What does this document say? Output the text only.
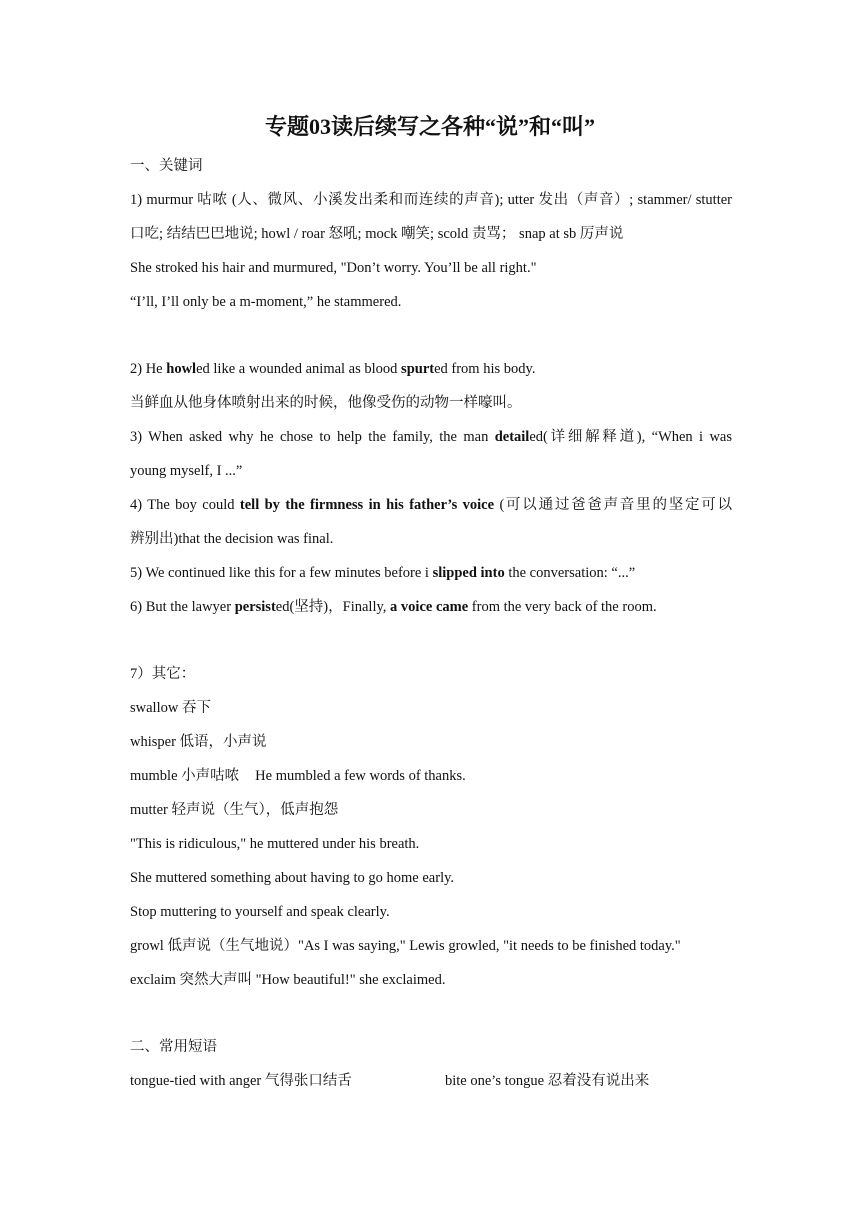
专题03读后续写之各种“说”和“叫”
一、关键词
1) murmur 咕哝 (人、微风、小溪发出柔和而连续的声音); utter 发出（声音）; stammer/ stutter
口吃; 结结巴巴地说; howl / roar 怒吼; mock 嘲笑; scold 责骂； snap at sb 厉声说
She stroked his hair and murmured, "Don’t worry. You’ll be all right."
“I’ll, I’ll only be a m-moment,” he stammered.
2) He howled like a wounded animal as blood spurted from his body.
当鲜血从他身体喷射出来的时候，他像受伤的动物一样嚎叫。
3) When asked why he chose to help the family, the man detailed(详细解释道), “When i was
young myself, I ...”
4) The boy could tell by the firmness in his father’s voice (可以通过爸爸声音里的坚定可以
辨别出)that the decision was final.
5) We continued like this for a few minutes before i slipped into the conversation: “...”
6) But the lawyer persisted(坚持)，Finally, a voice came from the very back of the room.
7）其它：
swallow 吞下
whisper 低语，小声说
mumble 小声咕哝 He mumbled a few words of thanks.
mutter 轻声说（生气），低声抱怨
"This is ridiculous," he muttered under his breath.
She muttered something about having to go home early.
Stop muttering to yourself and speak clearly.
growl 低声说（生气地说）"As I was saying," Lewis growled, "it needs to be finished today."
exclaim 突然大声叫 "How beautiful!" she exclaimed.
二、常用短语
tongue-tied with anger 气得张口结舌	bite one’s tongue 忍着没有说出来
